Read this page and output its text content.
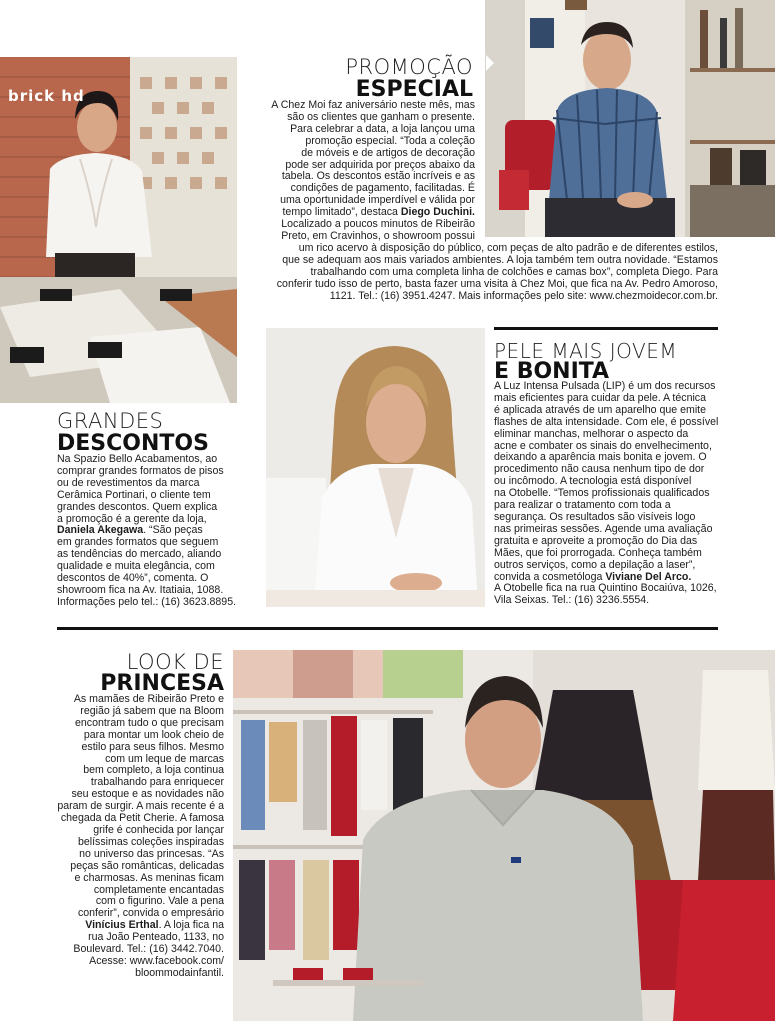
PROMOÇÃO
ESPECIAL
A Chez Moi faz aniversário neste mês, mas
são os clientes que ganham o presente.
Para celebrar a data, a loja lançou uma
promoção especial. “Toda a coleção
de móveis e de artigos de decoração
pode ser adquirida por preços abaixo da
tabela. Os descontos estão incríveis e as
condições de pagamento, facilitadas. É
uma oportunidade imperdível e válida por
tempo limitado”, destaca Diego Duchini.
Localizado a poucos minutos de Ribeirão
Preto, em Cravinhos, o showroom possui
um rico acervo à disposição do público, com peças de alto padrão e de diferentes estilos,
que se adequam aos mais variados ambientes. A loja também tem outra novidade. “Estamos
trabalhando com uma completa linha de colchões e camas box”, completa Diego. Para
conferir tudo isso de perto, basta fazer uma visita à Chez Moi, que fica na Av. Pedro Amoroso,
1121. Tel.: (16) 3951.4247. Mais informações pelo site: www.chezmoidecor.com.br.
brick hd
GRANDES
DESCONTOS
Na Spazio Bello Acabamentos, ao
comprar grandes formatos de pisos
ou de revestimentos da marca
Cerâmica Portinari, o cliente tem
grandes descontos. Quem explica
a promoção é a gerente da loja,
Daniela Akegawa. “São peças
em grandes formatos que seguem
as tendências do mercado, aliando
qualidade e muita elegância, com
descontos de 40%”, comenta. O
showroom fica na Av. Itatiaia, 1088.
Informações pelo tel.: (16) 3623.8895.
PELE MAIS JOVEM
E BONITA
A Luz Intensa Pulsada (LIP) é um dos recursos
mais eficientes para cuidar da pele. A técnica
é aplicada através de um aparelho que emite
flashes de alta intensidade. Com ele, é possível
eliminar manchas, melhorar o aspecto da
acne e combater os sinais do envelhecimento,
deixando a aparência mais bonita e jovem. O
procedimento não causa nenhum tipo de dor
ou incômodo. A tecnologia está disponível
na Otobelle. “Temos profissionais qualificados
para realizar o tratamento com toda a
segurança. Os resultados são visíveis logo
nas primeiras sessões. Agende uma avaliação
gratuita e aproveite a promoção do Dia das
Mães, que foi prorrogada. Conheça também
outros serviços, como a depilação a laser”,
convida a cosmetóloga Viviane Del Arco.
A Otobelle fica na rua Quintino Bocaiúva, 1026,
Vila Seixas. Tel.: (16) 3236.5554.
LOOK DE
PRINCESA
As mamães de Ribeirão Preto e
região já sabem que na Bloom
encontram tudo o que precisam
para montar um look cheio de
estilo para seus filhos. Mesmo
com um leque de marcas
bem completo, a loja continua
trabalhando para enriquecer
seu estoque e as novidades não
param de surgir. A mais recente é a
chegada da Petit Cherie. A famosa
grife é conhecida por lançar
belíssimas coleções inspiradas
no universo das princesas. “As
peças são românticas, delicadas
e charmosas. As meninas ficam
completamente encantadas
com o figurino. Vale a pena
conferir”, convida o empresário
Vinícius Erthal. A loja fica na
rua João Penteado, 1133, no
Boulevard. Tel.: (16) 3442.7040.
Acesse: www.facebook.com/
bloommodainfantil.
